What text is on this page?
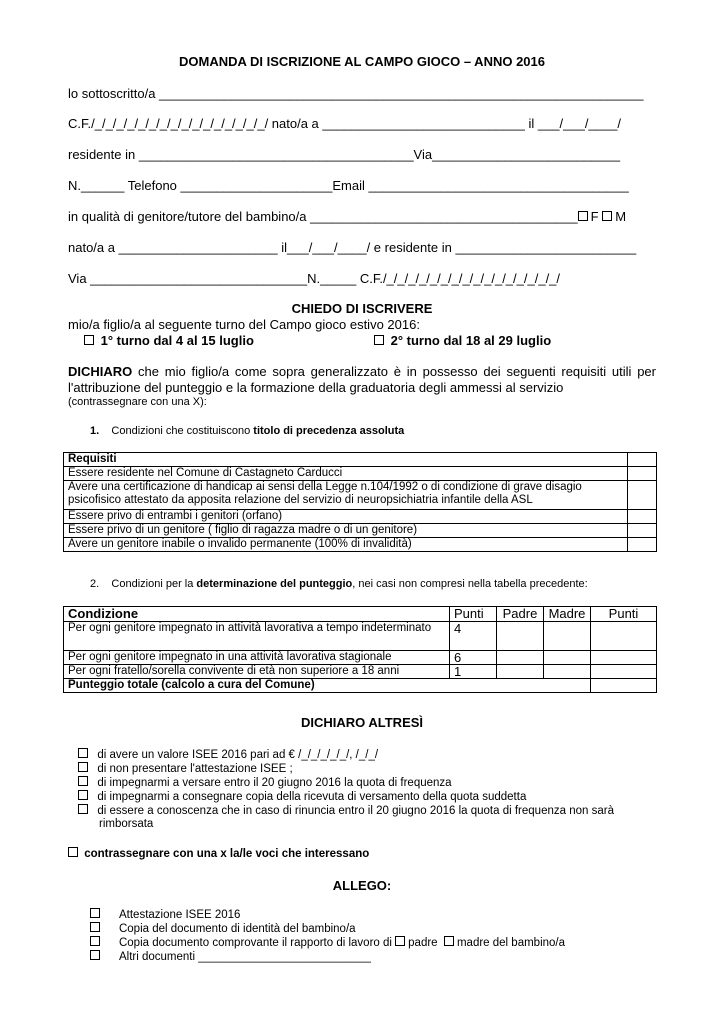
DOMANDA DI ISCRIZIONE AL CAMPO GIOCO – ANNO 2016
lo sottoscritto/a ___________________________________________________________________
C.F./_/_/_/_/_/_/_/_/_/_/_/_/_/_/_/_/ nato/a a ____________________________ il ___/___/____/
residente in ______________________________________Via__________________________
N.______ Telefono _____________________Email ____________________________________
in qualità di genitore/tutore del bambino/a _____________________________________ F M
nato/a a ______________________ il___/___/____/ e residente in _________________________
Via ______________________________N._____ C.F./_/_/_/_/_/_/_/_/_/_/_/_/_/_/_/_/
CHIEDO DI ISCRIVERE
mio/a figlio/a al seguente turno del Campo gioco estivo 2016:
1° turno dal 4 al 15 luglio	2° turno dal 18 al 29 luglio
DICHIARO che mio figlio/a come sopra generalizzato è in possesso dei seguenti requisiti utili per l'attribuzione del punteggio e la formazione della graduatoria degli ammessi al servizio
(contrassegnare con una X):
1. Condizioni che costituiscono titolo di precedenza assoluta
Requisiti	
Essere residente nel Comune di Castagneto Carducci	
Avere una certificazione di handicap ai sensi della Legge n.104/1992 o di condizione di grave disagio psicofisico attestato da apposita relazione del servizio di neuropsichiatria infantile della ASL	
Essere privo di entrambi i genitori (orfano)	
Essere privo di un genitore ( figlio di ragazza madre o di un genitore)	
Avere un genitore inabile o invalido permanente (100% di invalidità)	
2. Condizioni per la determinazione del punteggio, nei casi non compresi nella tabella precedente:
Condizione	Punti	Padre	Madre	Punti
Per ogni genitore impegnato in attività lavorativa a tempo indeterminato	4			
Per ogni genitore impegnato in una attività lavorativa stagionale	6			
Per ogni fratello/sorella convivente di età non superiore a 18 anni	1			
Punteggio totale (calcolo a cura del Comune)				
DICHIARO ALTRESÌ
di avere un valore ISEE 2016 pari ad € /_/_/_/_/_/, /_/_/
di non presentare l'attestazione ISEE ;
di impegnarmi a versare entro il 20 giugno 2016 la quota di frequenza
di impegnarmi a consegnare copia della ricevuta di versamento della quota suddetta
di essere a conoscenza che in caso di rinuncia entro il 20 giugno 2016 la quota di frequenza non sarà
rimborsata
contrassegnare con una x la/le voci che interessano
ALLEGO:
Attestazione ISEE 2016
Copia del documento di identità del bambino/a
Copia documento comprovante il rapporto di lavoro di padre madre del bambino/a
Altri documenti ___________________________
